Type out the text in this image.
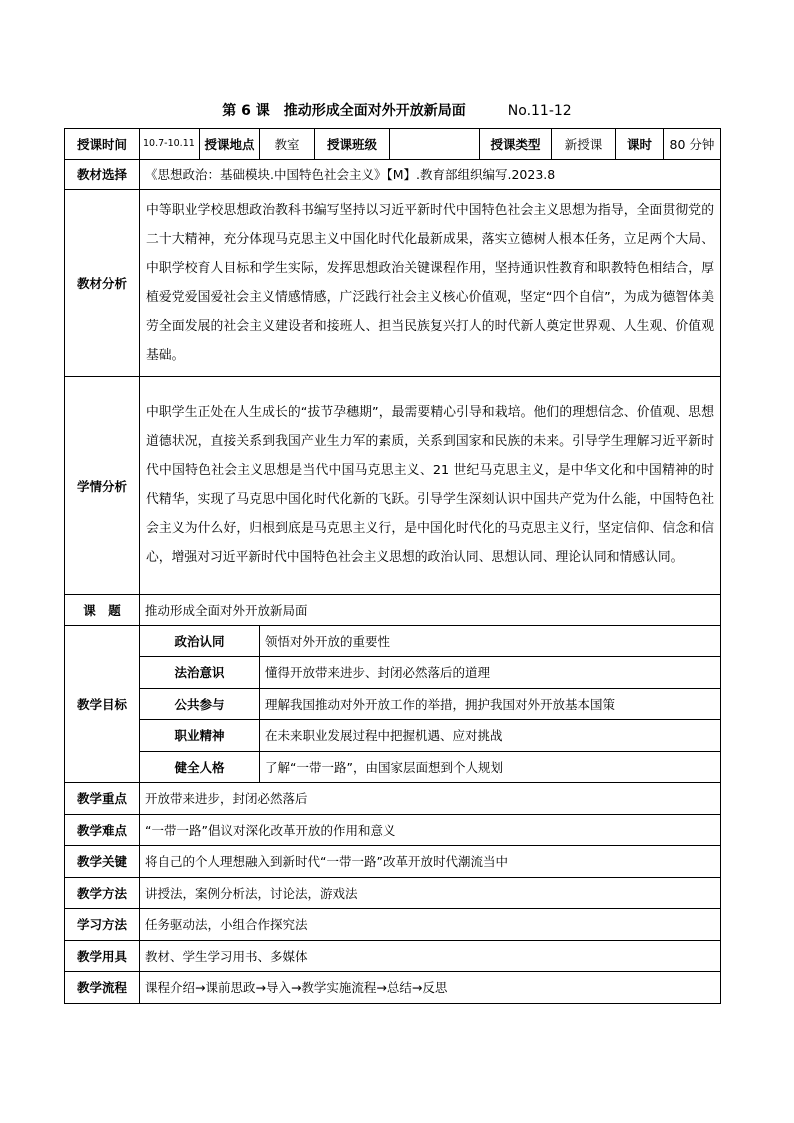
第 6 课 推动形成全面对外开放新局面	No.11-12
授课时间	10.7-10.11	授课地点	教室	授课班级		授课类型	新授课	课时	80 分钟
教材选择	《思想政治：基础模块.中国特色社会主义》【M】.教育部组织编写.2023.8								
教材分析	中等职业学校思想政治教科书编写坚持以习近平新时代中国特色社会主义思想为指导，全面贯彻党的二十大精神，充分体现马克思主义中国化时代化最新成果，落实立德树人根本任务，立足两个大局、中职学校育人目标和学生实际，发挥思想政治关键课程作用，坚持通识性教育和职教特色相结合，厚植爱党爱国爱社会主义情感情感，广泛践行社会主义核心价值观，坚定“四个自信”，为成为德智体美劳全面发展的社会主义建设者和接班人、担当民族复兴打人的时代新人奠定世界观、人生观、价值观基础。								
学情分析	中职学生正处在人生成长的“拔节孕穗期”，最需要精心引导和栽培。他们的理想信念、价值观、思想道德状况，直接关系到我国产业生力军的素质，关系到国家和民族的未来。引导学生理解习近平新时代中国特色社会主义思想是当代中国马克思主义、21 世纪马克思主义，是中华文化和中国精神的时代精华，实现了马克思中国化时代化新的飞跃。引导学生深刻认识中国共产党为什么能，中国特色社会主义为什么好，归根到底是马克思主义行，是中国化时代化的马克思主义行，坚定信仰、信念和信心，增强对习近平新时代中国特色社会主义思想的政治认同、思想认同、理论认同和情感认同。								
课　题	推动形成全面对外开放新局面								
教学目标	政治认同		领悟对外开放的重要性						
	法治意识		懂得开放带来进步、封闭必然落后的道理						
	公共参与		理解我国推动对外开放工作的举措，拥护我国对外开放基本国策						
	职业精神		在未来职业发展过程中把握机遇、应对挑战						
	健全人格		了解“一带一路”，由国家层面想到个人规划						
教学重点	开放带来进步，封闭必然落后								
教学难点	“一带一路”倡议对深化改革开放的作用和意义								
教学关键	将自己的个人理想融入到新时代“一带一路”改革开放时代潮流当中								
教学方法	讲授法，案例分析法，讨论法，游戏法								
学习方法	任务驱动法，小组合作探究法								
教学用具	教材、学生学习用书、多媒体								
教学流程	课程介绍→课前思政→导入→教学实施流程→总结→反思								
